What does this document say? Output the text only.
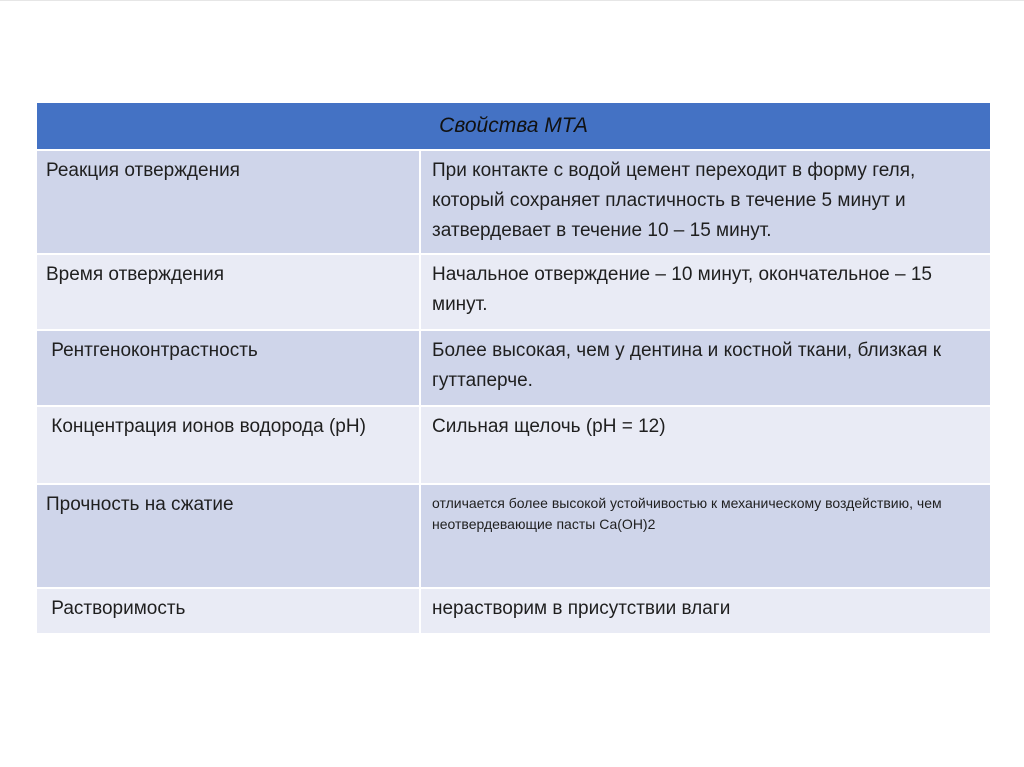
Свойства МТА	
Реакция отверждения	При контакте с водой цемент переходит в форму геля, который сохраняет пластичность в течение 5 минут и затвердевает в течение 10 – 15 минут.
Время отверждения	Начальное отверждение – 10 минут, окончательное – 15 минут.
Рентгеноконтрастность	Более высокая, чем у дентина и костной ткани, близкая к гуттаперче.
Концентрация ионов водорода (рН)	Сильная щелочь (рН = 12)
Прочность на сжатие	отличается более высокой устойчивостью к механическому воздействию, чем неотвердевающие пасты Са(ОН)2
Растворимость	нерастворим в присутствии влаги
